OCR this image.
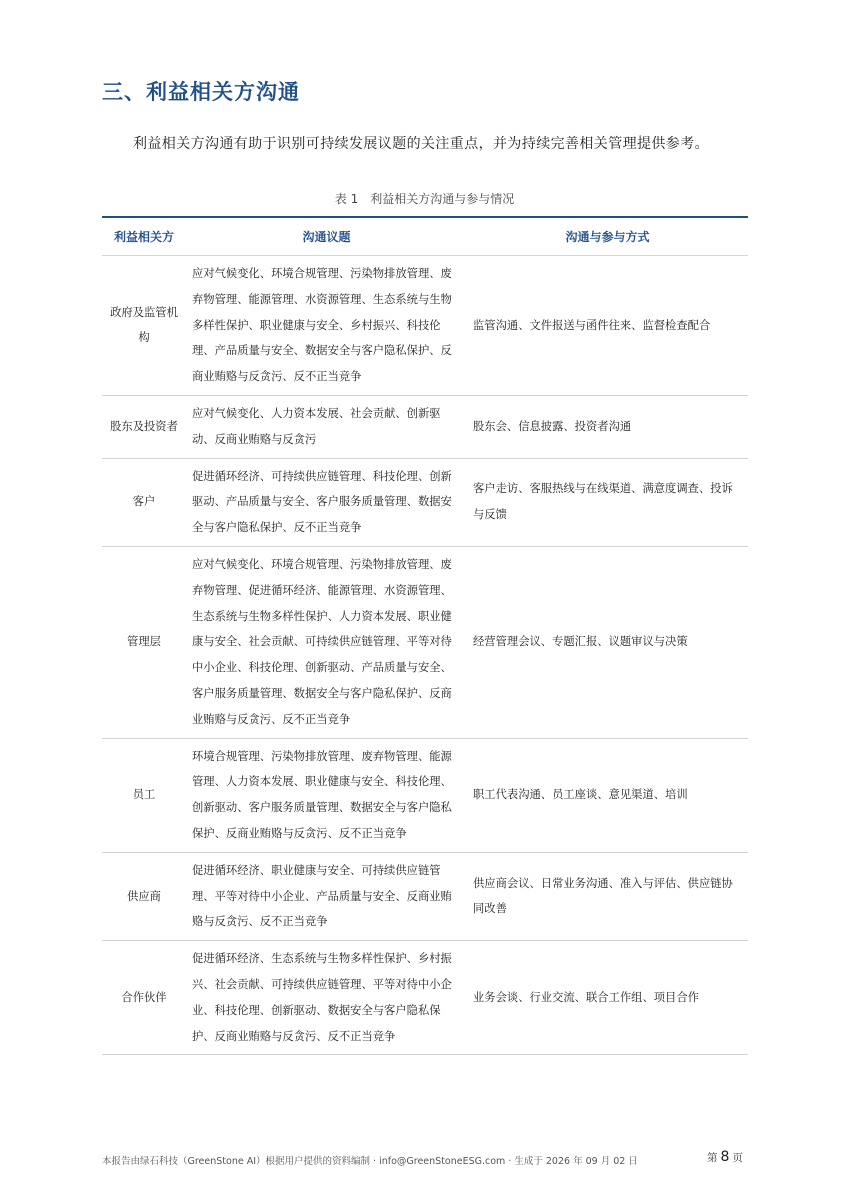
三、利益相关方沟通

利益相关方沟通有助于识别可持续发展议题的关注重点，并为持续完善相关管理提供参考。

表 1　利益相关方沟通与参与情况
利益相关方	沟通议题	沟通与参与方式
政府及监管机构	应对气候变化、环境合规管理、污染物排放管理、废弃物管理、能源管理、水资源管理、生态系统与生物多样性保护、职业健康与安全、乡村振兴、科技伦理、产品质量与安全、数据安全与客户隐私保护、反商业贿赂与反贪污、反不正当竞争	监管沟通、文件报送与函件往来、监督检查配合
股东及投资者	应对气候变化、人力资本发展、社会贡献、创新驱动、反商业贿赂与反贪污	股东会、信息披露、投资者沟通
客户	促进循环经济、可持续供应链管理、科技伦理、创新驱动、产品质量与安全、客户服务质量管理、数据安全与客户隐私保护、反不正当竞争	客户走访、客服热线与在线渠道、满意度调查、投诉与反馈
管理层	应对气候变化、环境合规管理、污染物排放管理、废弃物管理、促进循环经济、能源管理、水资源管理、生态系统与生物多样性保护、人力资本发展、职业健康与安全、社会贡献、可持续供应链管理、平等对待中小企业、科技伦理、创新驱动、产品质量与安全、客户服务质量管理、数据安全与客户隐私保护、反商业贿赂与反贪污、反不正当竞争	经营管理会议、专题汇报、议题审议与决策
员工	环境合规管理、污染物排放管理、废弃物管理、能源管理、人力资本发展、职业健康与安全、科技伦理、创新驱动、客户服务质量管理、数据安全与客户隐私保护、反商业贿赂与反贪污、反不正当竞争	职工代表沟通、员工座谈、意见渠道、培训
供应商	促进循环经济、职业健康与安全、可持续供应链管理、平等对待中小企业、产品质量与安全、反商业贿赂与反贪污、反不正当竞争	供应商会议、日常业务沟通、准入与评估、供应链协同改善
合作伙伴	促进循环经济、生态系统与生物多样性保护、乡村振兴、社会贡献、可持续供应链管理、平等对待中小企业、科技伦理、创新驱动、数据安全与客户隐私保护、反商业贿赂与反贪污、反不正当竞争	业务会谈、行业交流、联合工作组、项目合作
本报告由绿石科技（GreenStone AI）根据用户提供的资料编制 · info@GreenStoneESG.com · 生成于 2026 年 09 月 02 日	第 8 页
